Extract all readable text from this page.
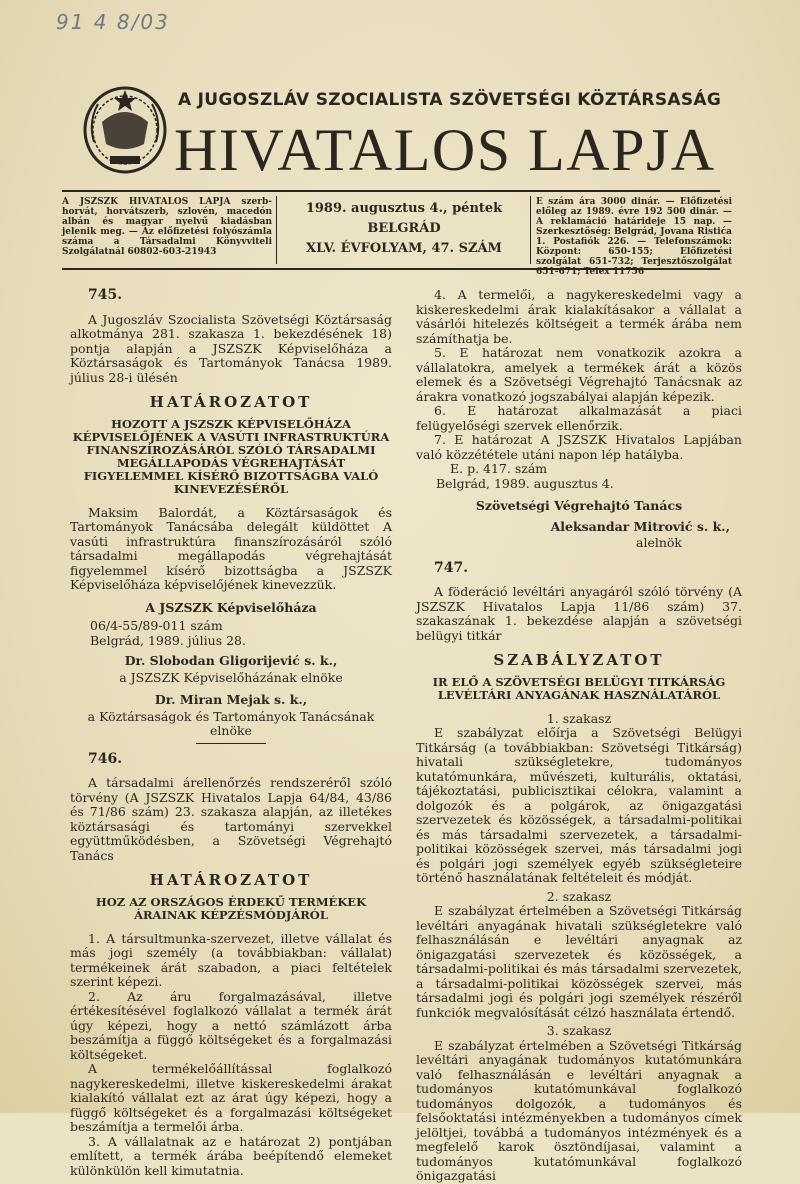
91 4 8/03
A JUGOSZLÁV SZOCIALISTA SZÖVETSÉGI KÖZTÁRSASÁG
HIVATALOS LAPJA
A JSZSZK HIVATALOS LAPJA szerb-horvát, horvátszerb, szlovén, macedón albán és magyar nyelvű kiadásban jelenik meg. — Az előfizetési folyószámla száma a Társadalmi Könyvviteli Szolgálatnál 60802-603-21943
1989. augusztus 4., péntek
BELGRÁD
XLV. ÉVFOLYAM, 47. SZÁM
E szám ára 3000 dinár. — Előfizetési előleg az 1989. évre 192 500 dinár. — A reklamáció határideje 15 nap. — Szerkesztőség: Belgrád, Jovana Ristića 1. Postafiók 226. — Telefonszámok: Központ: 650-155; Előfizetési szolgálat 651-732; Terjesztőszolgálat 651-671; Telex 11756
745.

A Jugoszláv Szocialista Szövetségi Köztársaság alkotmánya 281. szakasza 1. bekezdésének 18) pontja alapján a JSZSZK Képviselőháza a Köztársaságok és Tartományok Tanácsa 1989. július 28-i ülésén

HATÁROZATOT
HOZOTT A JSZSZK KÉPVISELŐHÁZA KÉPVISELŐJÉNEK A VASÚTI INFRASTRUKTÚRA FINANSZÍROZÁSÁRÓL SZÓLÓ TÁRSADALMI MEGÁLLAPODÁS VÉGREHAJTÁSÁT FIGYELEMMEL KÍSÉRŐ BIZOTTSÁGBA VALÓ KINEVEZÉSÉRŐL

Maksim Balordát, a Köztársaságok és Tartományok Tanácsába delegált küldöttet A vasúti infrastruktúra finanszírozásáról szóló társadalmi megállapodás végrehajtását figyelemmel kísérő bizottságba a JSZSZK Képviselőháza képviselőjének kinevezzük.

A JSZSZK Képviselőháza
06/4-55/89-011 szám
Belgrád, 1989. július 28.
Dr. Slobodan Gligorijević s. k.,
a JSZSZK Képviselőházának elnöke
Dr. Miran Mejak s. k.,
a Köztársaságok és Tartományok Tanácsának elnöke
746.

A társadalmi árellenőrzés rendszeréről szóló törvény (A JSZSZK Hivatalos Lapja 64/84, 43/86 és 71/86 szám) 23. szakasza alapján, az illetékes köztársasági és tartományi szervekkel együttműködésben, a Szövetségi Végrehajtó Tanács

HATÁROZATOT
HOZ AZ ORSZÁGOS ÉRDEKŰ TERMÉKEK ÁRAINAK KÉPZÉSMÓDJÁRÓL

1. A társultmunka-szervezet, illetve vállalat és más jogi személy (a továbbiakban: vállalat) termékeinek árát szabadon, a piaci feltételek szerint képezi.

2. Az áru forgalmazásával, illetve értékesítésével foglalkozó vállalat a termék árát úgy képezi, hogy a nettó számlázott árba beszámítja a függő költségeket és a forgalmazási költségeket.

A termékelőállítással foglalkozó nagykereskedelmi, illetve kiskereskedelmi árakat kialakító vállalat ezt az árat úgy képezi, hogy a függő költségeket és a forgalmazási költségeket beszámítja a termelői árba.

3. A vállalatnak az e határozat 2) pontjában említett, a termék árába beépítendő elemeket különkülön kell kimutatnia.

4. A termelői, a nagykereskedelmi vagy a kiskereskedelmi árak kialakításakor a vállalat a vásárlói hitelezés költségeit a termék árába nem számíthatja be.

5. E határozat nem vonatkozik azokra a vállalatokra, amelyek a termékek árát a közös elemek és a Szövetségi Végrehajtó Tanácsnak az árakra vonatkozó jogszabályai alapján képezik.

6. E határozat alkalmazását a piaci felügyelőségi szervek ellenőrzik.

7. E határozat A JSZSZK Hivatalos Lapjában való közzététele utáni napon lép hatályba.

E. p. 417. szám
Belgrád, 1989. augusztus 4.
Szövetségi Végrehajtó Tanács
Aleksandar Mitrović s. k.,
alelnök
747.

A föderáció levéltári anyagáról szóló törvény (A JSZSZK Hivatalos Lapja 11/86 szám) 37. szakaszának 1. bekezdése alapján a szövetségi belügyi titkár

SZABÁLYZATOT
IR ELŐ A SZÖVETSÉGI BELÜGYI TITKÁRSÁG LEVÉLTÁRI ANYAGÁNAK HASZNÁLATÁRÓL
1. szakasz

E szabályzat előírja a Szövetségi Belügyi Titkárság (a továbbiakban: Szövetségi Titkárság) hivatali szükségletekre, tudományos kutatómunkára, művészeti, kulturális, oktatási, tájékoztatási, publicisztikai célokra, valamint a dolgozók és a polgárok, az önigazgatási szervezetek és közösségek, a társadalmi-politikai és más társadalmi szervezetek, a társadalmi-politikai közösségek szervei, más társadalmi jogi és polgári jogi személyek egyéb szükségleteire történő használatának feltételeit és módját.

2. szakasz

E szabályzat értelmében a Szövetségi Titkárság levéltári anyagának hivatali szükségletekre való felhasználásán e levéltári anyagnak az önigazgatási szervezetek és közösségek, a társadalmi-politikai és más társadalmi szervezetek, a társadalmi-politikai közösségek szervei, más társadalmi jogi és polgári jogi személyek részéről funkciók megvalósítását célzó használata értendő.

3. szakasz

E szabályzat értelmében a Szövetségi Titkárság levéltári anyagának tudományos kutatómunkára való felhasználásán e levéltári anyagnak a tudományos kutatómunkával foglalkozó tudományos dolgozók, a tudományos és felsőoktatási intézményekben a tudományos címek jelöltjei, továbbá a tudományos intézmények és a megfelelő karok ösztöndíjasai, valamint a tudományos kutatómunkával foglalkozó önigazgatási
